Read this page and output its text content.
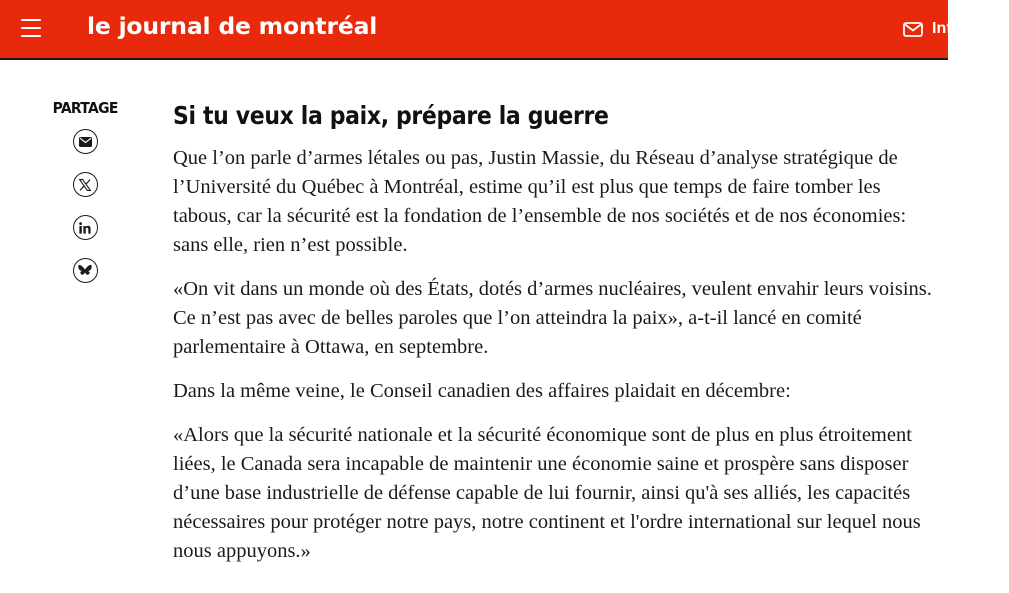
le journal de montréal	Infolettres
PARTAGE Si tu veux la paix, prépare la guerre

Que l’on parle d’armes létales ou pas, Justin Massie, du Réseau d’analyse stratégique de l’Université du Québec à Montréal, estime qu’il est plus que temps de faire tomber les tabous, car la sécurité est la fondation de l’ensemble de nos sociétés et de nos économies: sans elle, rien n’est possible.

«On vit dans un monde où des États, dotés d’armes nucléaires, veulent envahir leurs voisins. Ce n’est pas avec de belles paroles que l’on atteindra la paix», a-t-il lancé en comité parlementaire à Ottawa, en septembre.

Dans la même veine, le Conseil canadien des affaires plaidait en décembre:

«Alors que la sécurité nationale et la sécurité économique sont de plus en plus étroitement liées, le Canada sera incapable de maintenir une économie saine et prospère sans disposer d’une base industrielle de défense capable de lui fournir, ainsi qu'à ses alliés, les capacités nécessaires pour protéger notre pays, notre continent et l'ordre international sur lequel nous nous appuyons.»
